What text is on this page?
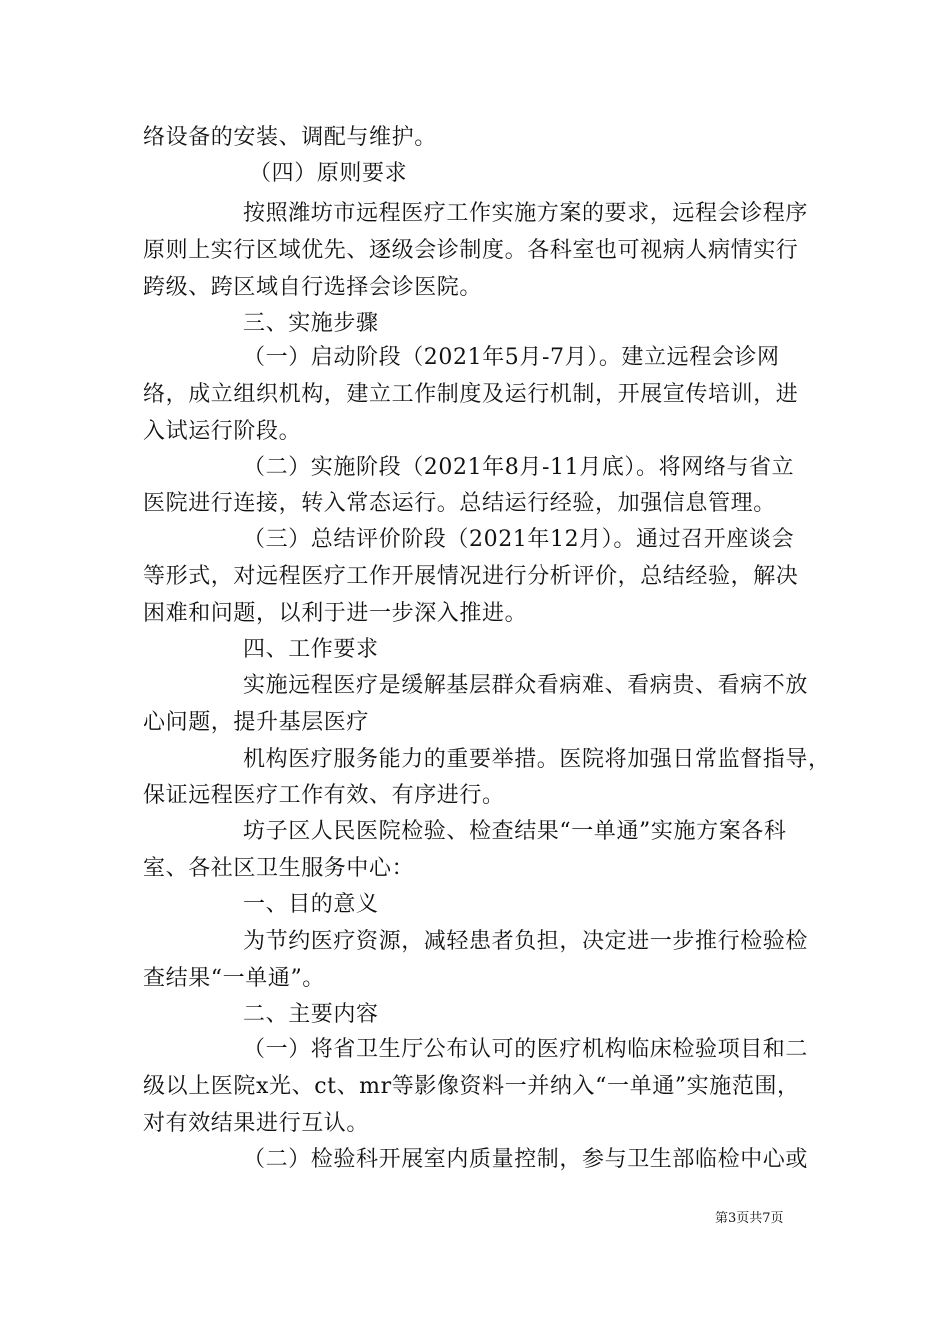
络设备的安装、调配与维护。
（四）原则要求
按照潍坊市远程医疗工作实施方案的要求，远程会诊程序
原则上实行区域优先、逐级会诊制度。各科室也可视病人病情实行
跨级、跨区域自行选择会诊医院。
三、实施步骤
（一）启动阶段（2021年5月-7月）。建立远程会诊网
络，成立组织机构，建立工作制度及运行机制，开展宣传培训，进
入试运行阶段。
（二）实施阶段（2021年8月-11月底）。将网络与省立
医院进行连接，转入常态运行。总结运行经验，加强信息管理。
（三）总结评价阶段（2021年12月）。通过召开座谈会
等形式，对远程医疗工作开展情况进行分析评价，总结经验，解决
困难和问题，以利于进一步深入推进。
四、工作要求
实施远程医疗是缓解基层群众看病难、看病贵、看病不放
心问题，提升基层医疗
机构医疗服务能力的重要举措。医院将加强日常监督指导，
保证远程医疗工作有效、有序进行。
坊子区人民医院检验、检查结果“一单通”实施方案各科
室、各社区卫生服务中心：
一、目的意义
为节约医疗资源，减轻患者负担，决定进一步推行检验检
查结果“一单通”。
二、主要内容
（一）将省卫生厅公布认可的医疗机构临床检验项目和二
级以上医院x光、ct、mr等影像资料一并纳入“一单通”实施范围，
对有效结果进行互认。
（二）检验科开展室内质量控制，参与卫生部临检中心或
第3页共7页
